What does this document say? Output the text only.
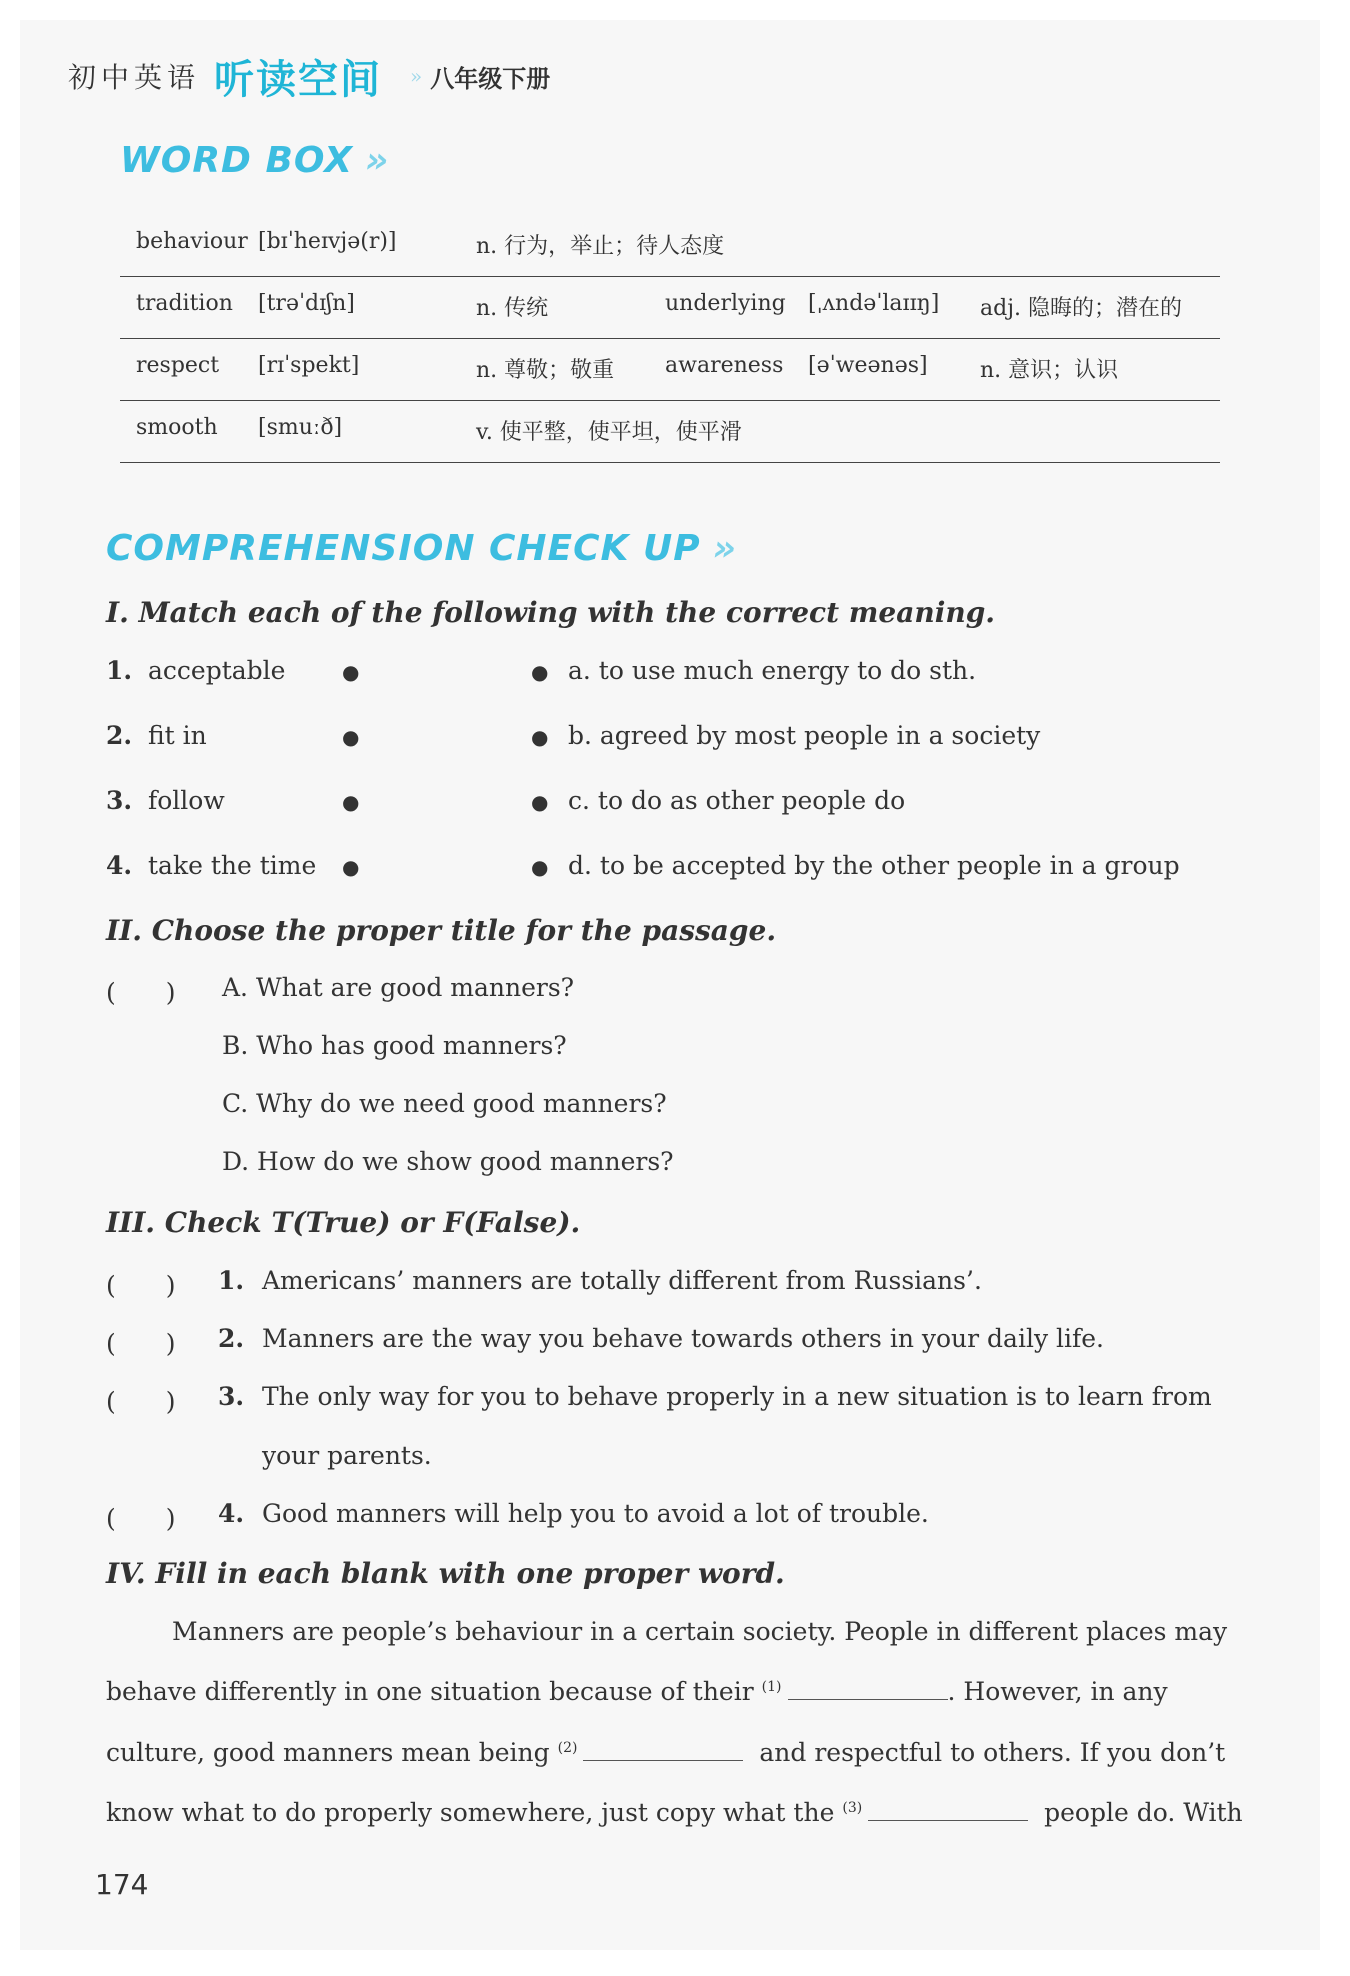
初中英语 听读空间 » 八年级下册
WORD BOX »
behaviour [bɪˈheɪvjə(r)]	n. 行为，举止；待人态度
tradition [trəˈdɪʃn]	n. 传统	underlying [ˌʌndəˈlaɪɪŋ] adj. 隐晦的；潜在的
respect [rɪˈspekt]	n. 尊敬；敬重 awareness [əˈweənəs] n. 意识；认识
smooth [smuːð]	v. 使平整，使平坦，使平滑
COMPREHENSION CHECK UP »
I. Match each of the following with the correct meaning.
1. acceptable	●	● a. to use much energy to do sth.
2. fit in	●	● b. agreed by most people in a society
3. follow	●	● c. to do as other people do
4. take the time ●	● d. to be accepted by the other people in a group
II. Choose the proper title for the passage.
(　　) A. What are good manners?
B. Who has good manners?
C. Why do we need good manners?
D. How do we show good manners?
III. Check T(True) or F(False).
(　　) 1. Americans’ manners are totally different from Russians’.
(　　) 2. Manners are the way you behave towards others in your daily life.
(　　) 3. The only way for you to behave properly in a new situation is to learn from
your parents.
(　　) 4. Good manners will help you to avoid a lot of trouble.
IV. Fill in each blank with one proper word.
Manners are people’s behaviour in a certain society. People in different places may
behave differently in one situation because of their $^{(1)}$	. However, in any
culture, good manners mean being $^{(2)}$	and respectful to others. If you don’t
know what to do properly somewhere, just copy what the $^{(3)}$	people do. With
174
